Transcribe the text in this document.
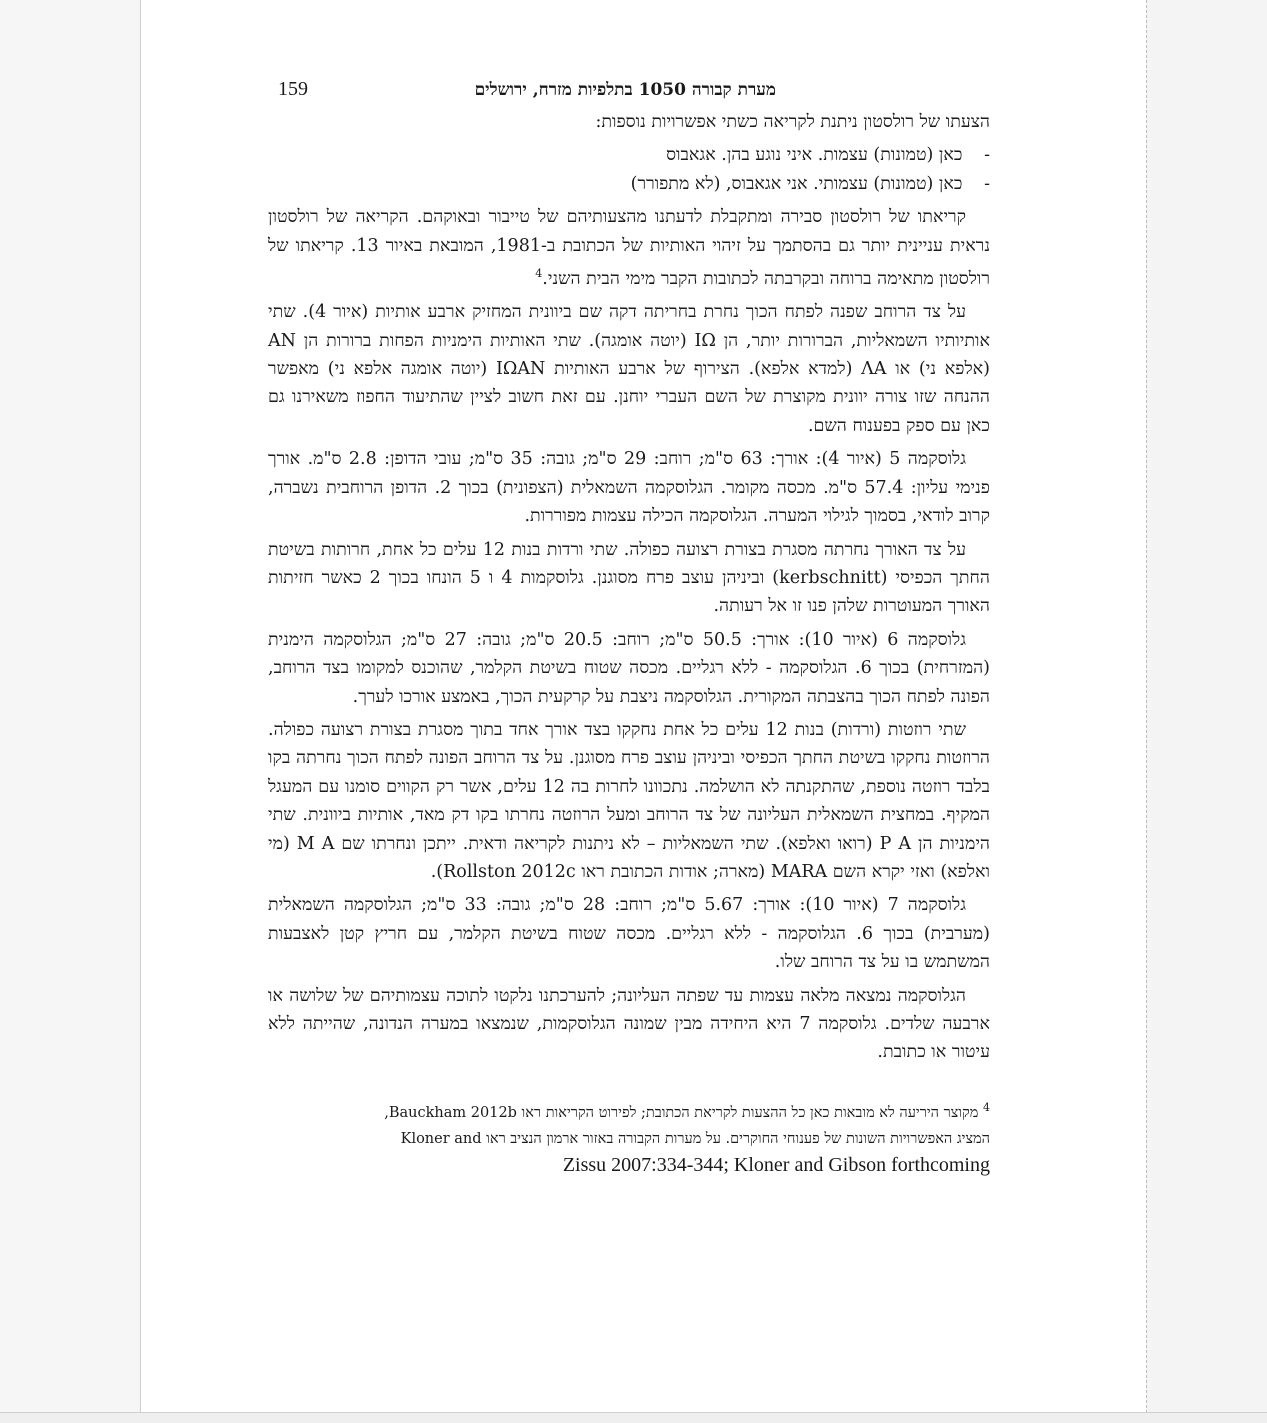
159	מערת קבורה 1050 בתלפיות מזרח, ירושלים

הצעתו של רולסטון ניתנת לקריאה כשתי אפשרויות נוספות:

- כאן (טמונות) עצמות. איני נוגע בהן. אגאבוס

- כאן (טמונות) עצמותי. אני אגאבוס, (לא מתפורר)

קריאתו של רולסטון סבירה ומתקבלת לדעתנו מהצעותיהם של טייבור ובאוקהם. הקריאה של רולסטון נראית עניינית יותר גם בהסתמך על זיהוי האותיות של הכתובת ב-1981, המובאת באיור 13. קריאתו של רולסטון מתאימה ברוחה ובקרבתה לכתובות הקבר מימי הבית השני.$^4$

על צד הרוחב שפנה לפתח הכוך נחרת בחריתה דקה שם ביוונית המחזיק ארבע אותיות (איור 4). שתי אותיותיו השמאליות, הברורות יותר, הן IΩ (יוטה אומגה). שתי האותיות הימניות הפחות ברורות הן AN (אלפא ני) או ΛA (למדא אלפא). הצירוף של ארבע האותיות IΩAN (יוטה אומגה אלפא ני) מאפשר ההנחה שזו צורה יוונית מקוצרת של השם העברי יוחנן. עם זאת חשוב לציין שהתיעוד החפוז משאירנו גם כאן עם ספק בפענוח השם.

גלוסקמה 5 (איור 4): אורך: 63 ס"מ; רוחב: 29 ס"מ; גובה: 35 ס"מ; עובי הדופן: 2.8 ס"מ. אורך פנימי עליון: 57.4 ס"מ. מכסה מקומר. הגלוסקמה השמאלית (הצפונית) בכוך 2. הדופן הרוחבית נשברה, קרוב לודאי, בסמוך לגילוי המערה. הגלוסקמה הכילה עצמות מפוררות.

על צד האורך נחרתה מסגרת בצורת רצועה כפולה. שתי ורדות בנות 12 עלים כל אחת, חרותות בשיטת החתך הכפיסי (kerbschnitt) וביניהן עוצב פרח מסוגנן. גלוסקמות 4 ו 5 הונחו בכוך 2 כאשר חזיתות האורך המעוטרות שלהן פנו זו אל רעותה.

גלוסקמה 6 (איור 10): אורך: 50.5 ס"מ; רוחב: 20.5 ס"מ; גובה: 27 ס"מ; הגלוסקמה הימנית (המזרחית) בכוך 6. הגלוסקמה - ללא רגליים. מכסה שטוח בשיטת הקלמר, שהוכנס למקומו בצד הרוחב, הפונה לפתח הכוך בהצבתה המקורית. הגלוסקמה ניצבת על קרקעית הכוך, באמצע אורכו לערך.

שתי רוזטות (ורדות) בנות 12 עלים כל אחת נחקקו בצד אורך אחד בתוך מסגרת בצורת רצועה כפולה. הרוזטות נחקקו בשיטת החתך הכפיסי וביניהן עוצב פרח מסוגנן. על צד הרוחב הפונה לפתח הכוך נחרתה בקו בלבד רוזטה נוספת, שהתקנתה לא הושלמה. נתכוונו לחרות בה 12 עלים, אשר רק הקווים סומנו עם המעגל המקיף. במחצית השמאלית העליונה של צד הרוחב ומעל הרוזטה נחרתו בקו דק מאד, אותיות ביוונית. שתי הימניות הן P A (רואו ואלפא). שתי השמאליות – לא ניתנות לקריאה ודאית. ייתכן ונחרתו שם M A (מי ואלפא) ואזי יקרא השם MARA (מארה; אודות הכתובת ראו Rollston 2012c).

גלוסקמה 7 (איור 10): אורך: 5.67 ס"מ; רוחב: 28 ס"מ; גובה: 33 ס"מ; הגלוסקמה השמאלית (מערבית) בכוך 6. הגלוסקמה - ללא רגליים. מכסה שטוח בשיטת הקלמר, עם חריץ קטן לאצבעות המשתמש בו על צד הרוחב שלו.

הגלוסקמה נמצאה מלאה עצמות עד שפתה העליונה; להערכתנו נלקטו לתוכה עצמותיהם של שלושה או ארבעה שלדים. גלוסקמה 7 היא היחידה מבין שמונה הגלוסקמות, שנמצאו במערה הנדונה, שהייתה ללא עיטור או כתובת.

$^4$ מקוצר היריעה לא מובאות כאן כל ההצעות לקריאת הכתובת; לפירוט הקריאות ראו Bauckham 2012b,
המציג האפשרויות השונות של פענוחי החוקרים. על מערות הקבורה באזור ארמון הנציב ראו Kloner and
Zissu 2007:334-344; Kloner and Gibson forthcoming
